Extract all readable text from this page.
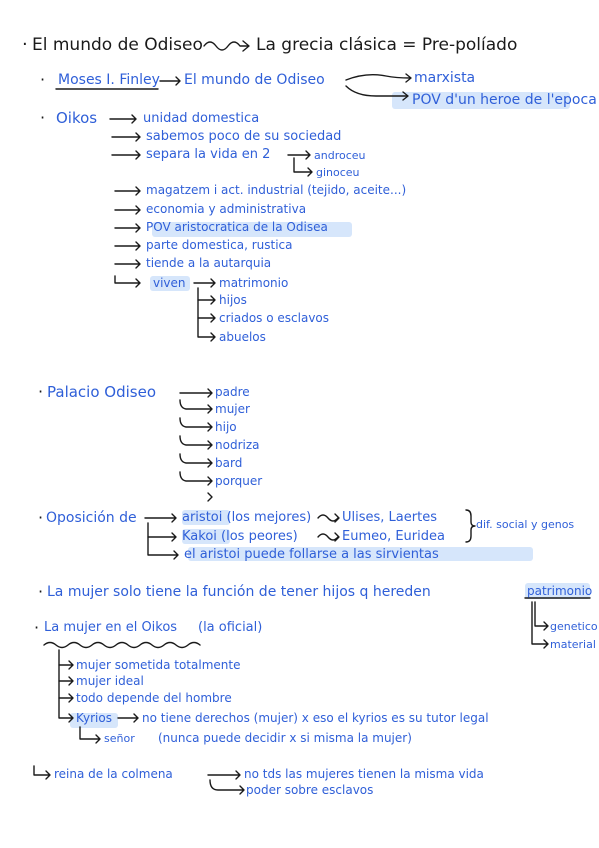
· El mundo de Odiseo	La grecia clásica = Pre-políado
· Moses I. Finley El mundo de Odiseo	marxista
POV d'un heroe de l'epoca
· Oikos	unidad domestica
sabemos poco de su sociedad
separa la vida en 2	androceu
ginoceu
magatzem i act. industrial (tejido, aceite...)
economia y administrativa
POV aristocratica de la Odisea
parte domestica, rustica
tiende a la autarquia
viven	matrimonio
hijos
criados o esclavos
abuelos
· Palacio Odiseo	padre
mujer
hijo
nodriza
bard
porquer
· Oposición de	aristoi (los mejores) Ulises, Laertes
Kakoi (los peores)	Eumeo, Euridea
dif. social y genos
el aristoi puede follarse a las sirvientas
· La mujer solo tiene la función de tener hijos q hereden	patrimonio
genetico
material
· La mujer en el Oikos (la oficial)
mujer sometida totalmente
mujer ideal
todo depende del hombre
Kyrios	no tiene derechos (mujer) x eso el kyrios es su tutor legal
señor (nunca puede decidir x si misma la mujer)
reina de la colmena	no tds las mujeres tienen la misma vida
poder sobre esclavos
